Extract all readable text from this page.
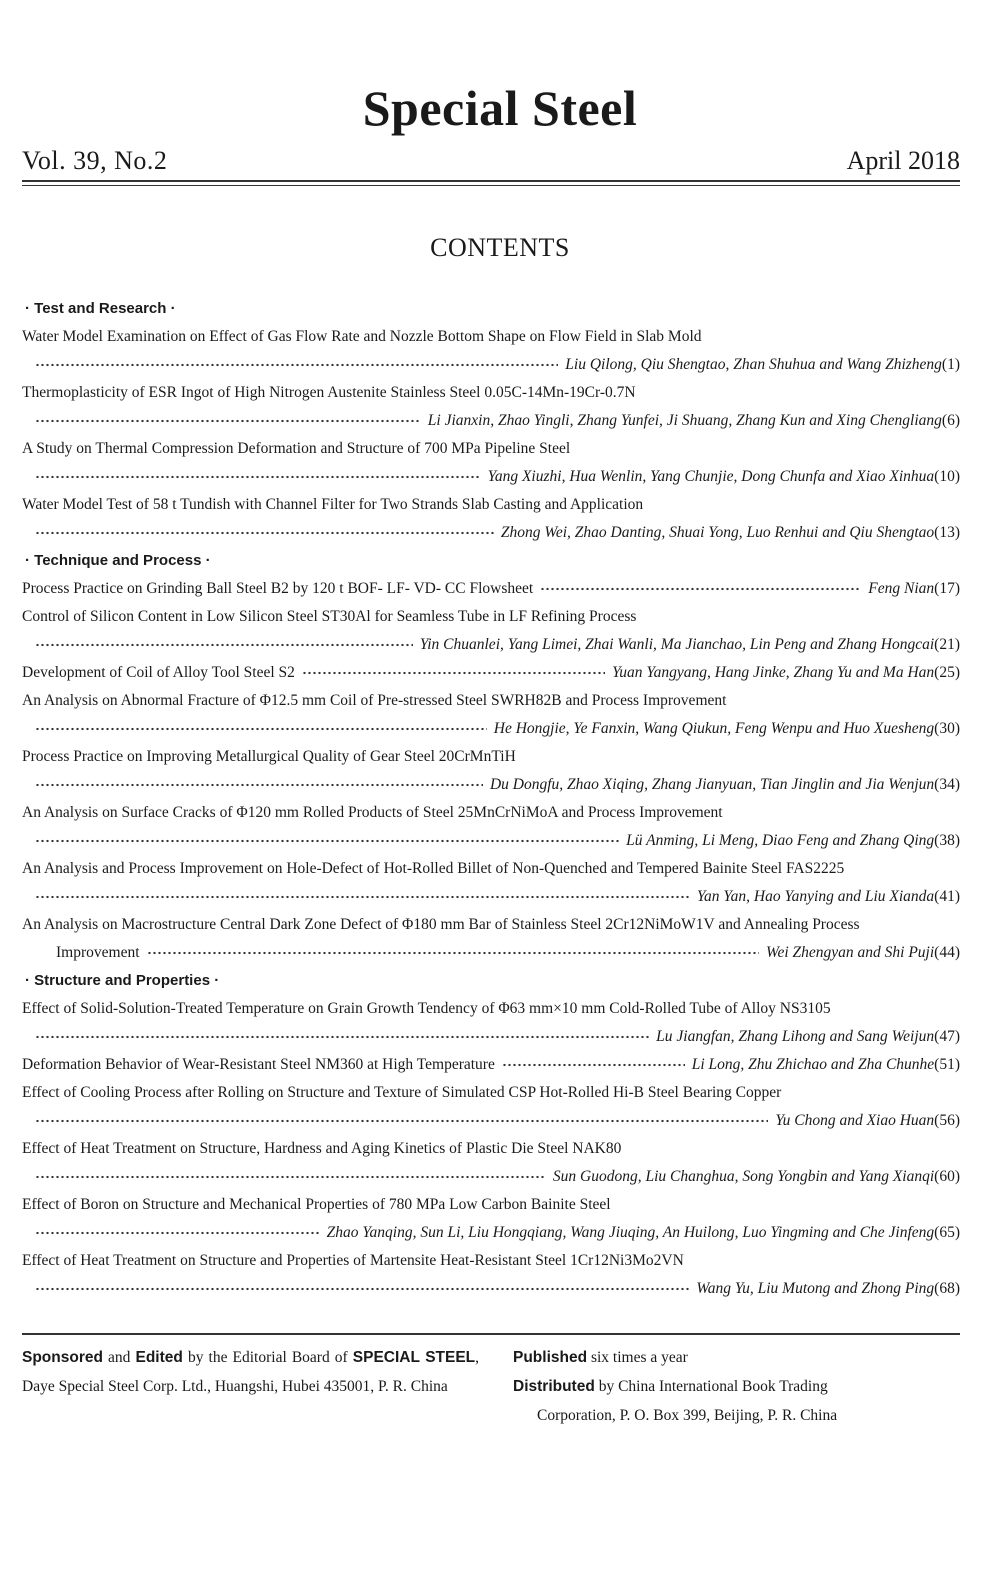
Special Steel
Vol. 39, No.2	April 2018
CONTENTS
· Test and Research ·
Water Model Examination on Effect of Gas Flow Rate and Nozzle Bottom Shape on Flow Field in Slab Mold
Liu Qilong, Qiu Shengtao, Zhan Shuhua and Wang Zhizheng (1)
Thermoplasticity of ESR Ingot of High Nitrogen Austenite Stainless Steel 0.05C-14Mn-19Cr-0.7N
Li Jianxin, Zhao Yingli, Zhang Yunfei, Ji Shuang, Zhang Kun and Xing Chengliang (6)
A Study on Thermal Compression Deformation and Structure of 700 MPa Pipeline Steel
Yang Xiuzhi, Hua Wenlin, Yang Chunjie, Dong Chunfa and Xiao Xinhua (10)
Water Model Test of 58 t Tundish with Channel Filter for Two Strands Slab Casting and Application
Zhong Wei, Zhao Danting, Shuai Yong, Luo Renhui and Qiu Shengtao (13)
· Technique and Process ·
Process Practice on Grinding Ball Steel B2 by 120 t BOF- LF- VD- CC Flowsheet	Feng Nian (17)
Control of Silicon Content in Low Silicon Steel ST30Al for Seamless Tube in LF Refining Process
Yin Chuanlei, Yang Limei, Zhai Wanli, Ma Jianchao, Lin Peng and Zhang Hongcai (21)
Development of Coil of Alloy Tool Steel S2	Yuan Yangyang, Hang Jinke, Zhang Yu and Ma Han (25)
An Analysis on Abnormal Fracture of Φ12.5 mm Coil of Pre-stressed Steel SWRH82B and Process Improvement
He Hongjie, Ye Fanxin, Wang Qiukun, Feng Wenpu and Huo Xuesheng (30)
Process Practice on Improving Metallurgical Quality of Gear Steel 20CrMnTiH
Du Dongfu, Zhao Xiqing, Zhang Jianyuan, Tian Jinglin and Jia Wenjun (34)
An Analysis on Surface Cracks of Φ120 mm Rolled Products of Steel 25MnCrNiMoA and Process Improvement
Lü Anming, Li Meng, Diao Feng and Zhang Qing (38)
An Analysis and Process Improvement on Hole-Defect of Hot-Rolled Billet of Non-Quenched and Tempered Bainite Steel FAS2225
Yan Yan, Hao Yanying and Liu Xianda (41)
An Analysis on Macrostructure Central Dark Zone Defect of Φ180 mm Bar of Stainless Steel 2Cr12NiMoW1V and Annealing Process
Improvement	Wei Zhengyan and Shi Puji (44)
· Structure and Properties ·
Effect of Solid-Solution-Treated Temperature on Grain Growth Tendency of Φ63 mm×10 mm Cold-Rolled Tube of Alloy NS3105
Lu Jiangfan, Zhang Lihong and Sang Weijun (47)
Deformation Behavior of Wear-Resistant Steel NM360 at High Temperature	Li Long, Zhu Zhichao and Zha Chunhe (51)
Effect of Cooling Process after Rolling on Structure and Texture of Simulated CSP Hot-Rolled Hi-B Steel Bearing Copper
Yu Chong and Xiao Huan (56)
Effect of Heat Treatment on Structure, Hardness and Aging Kinetics of Plastic Die Steel NAK80
Sun Guodong, Liu Changhua, Song Yongbin and Yang Xianqi (60)
Effect of Boron on Structure and Mechanical Properties of 780 MPa Low Carbon Bainite Steel
Zhao Yanqing, Sun Li, Liu Hongqiang, Wang Jiuqing, An Huilong, Luo Yingming and Che Jinfeng (65)
Effect of Heat Treatment on Structure and Properties of Martensite Heat-Resistant Steel 1Cr12Ni3Mo2VN
Wang Yu, Liu Mutong and Zhong Ping (68)
Sponsored and Edited by the Editorial Board of SPECIAL STEEL, Daye Special Steel Corp. Ltd., Huangshi, Hubei 435001, P. R. China
Published six times a year
Distributed by China International Book Trading
Corporation, P. O. Box 399, Beijing, P. R. China
